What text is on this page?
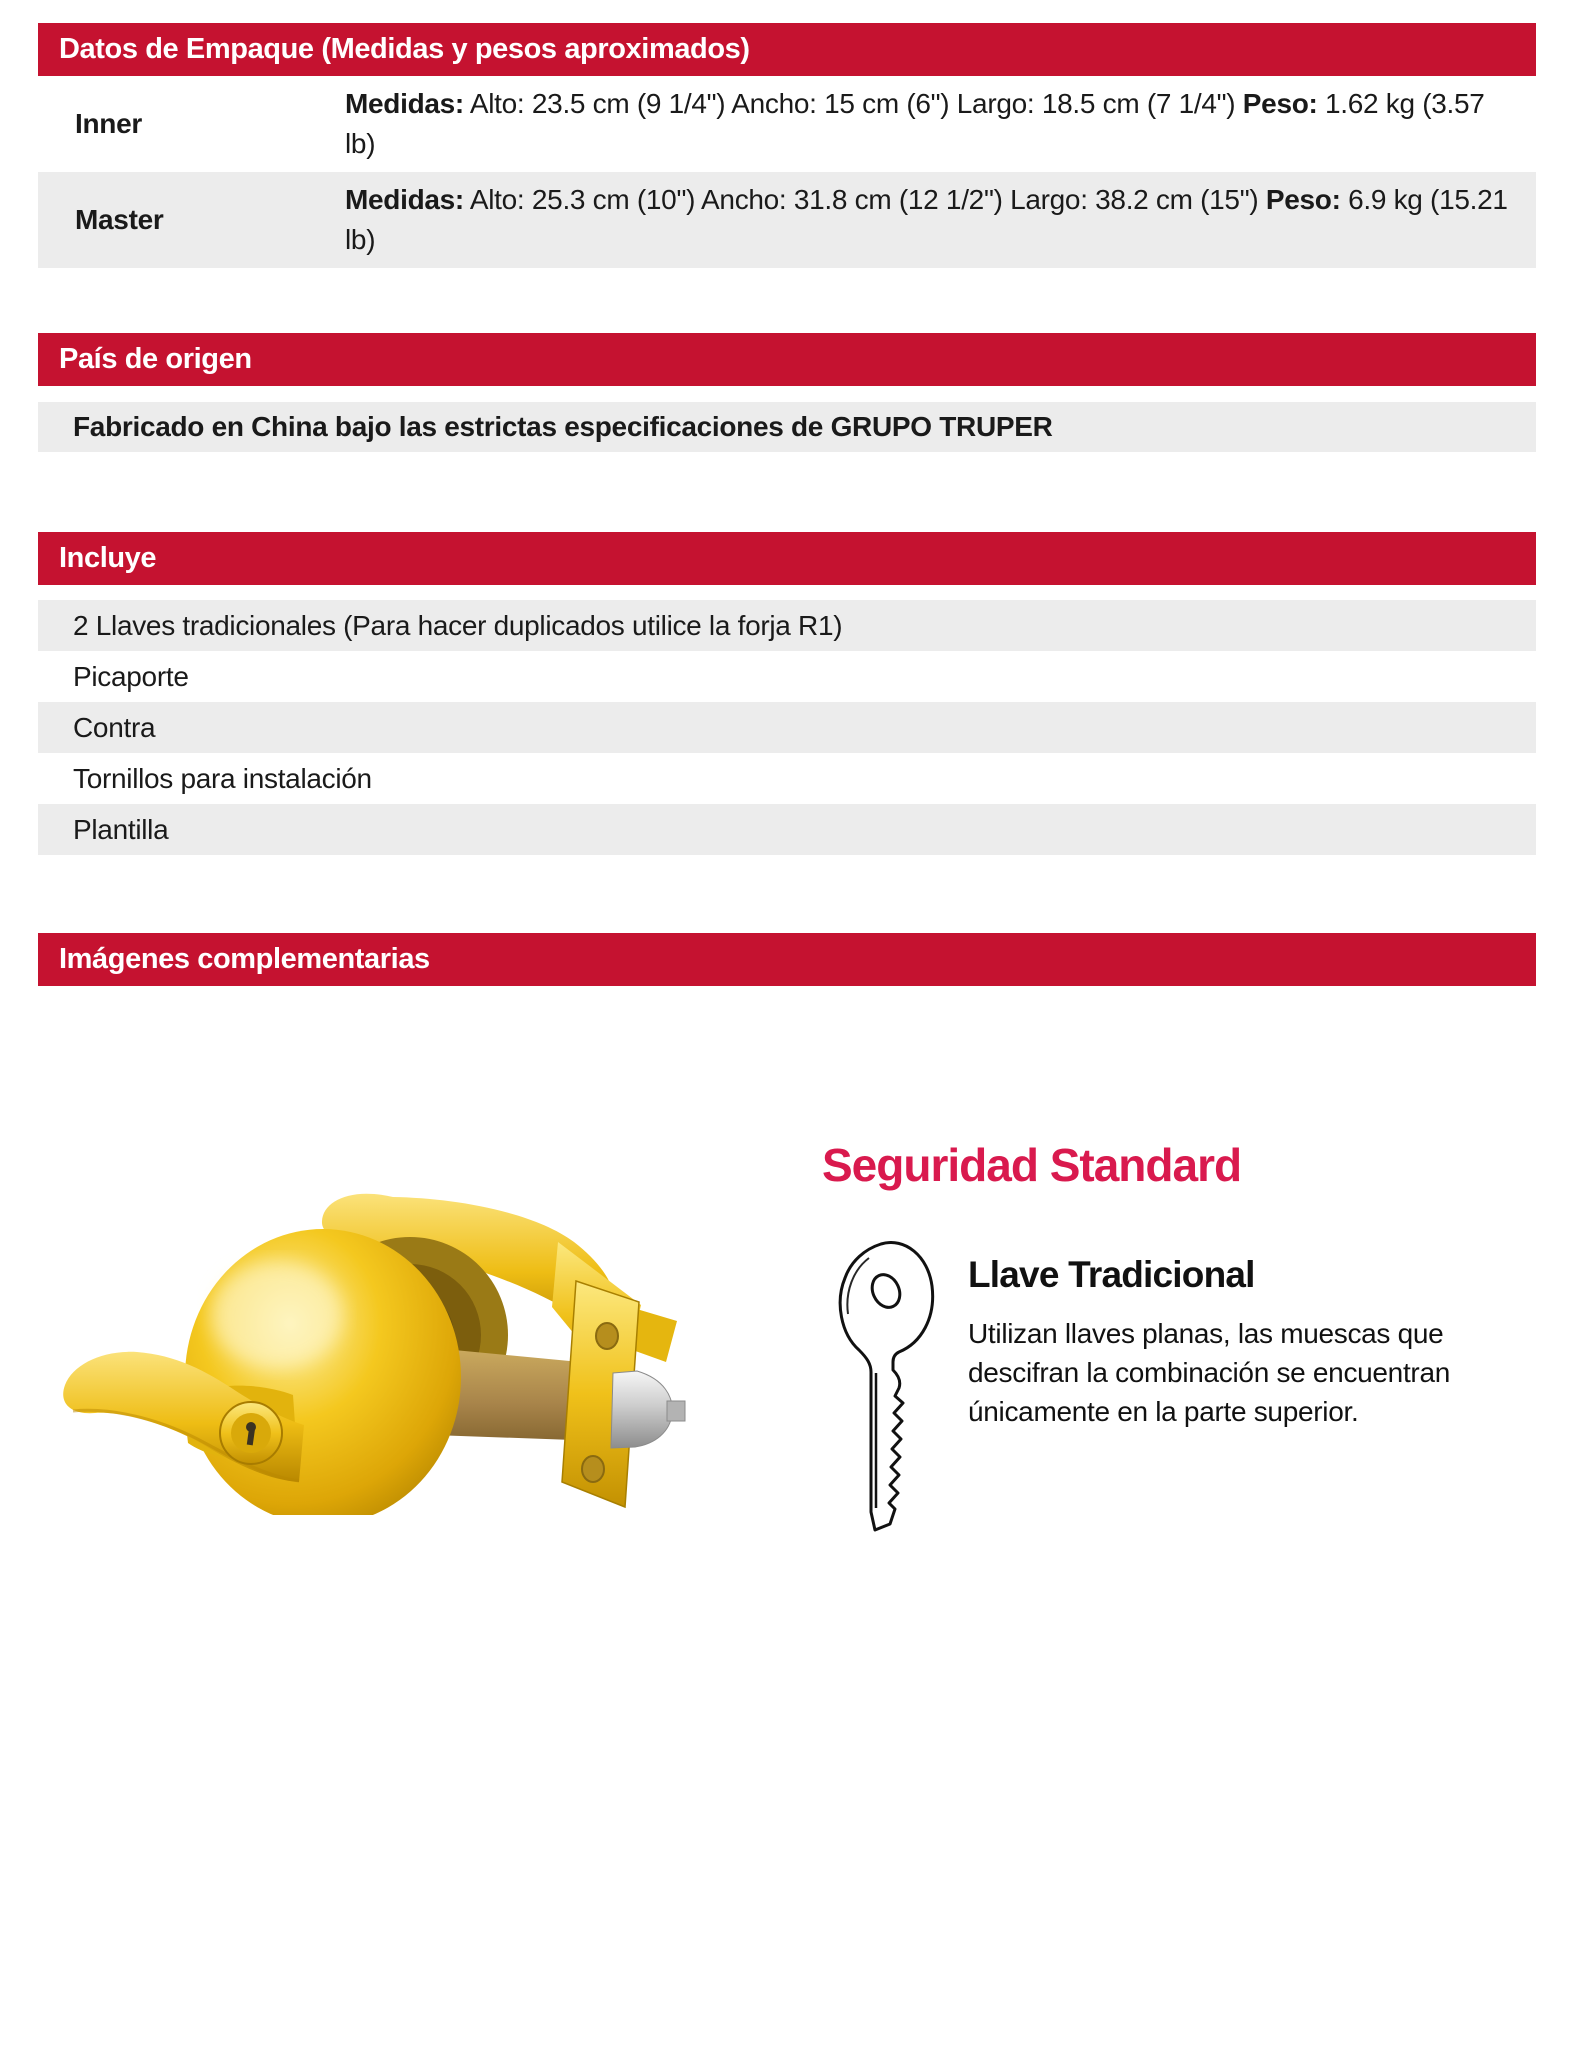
Datos de Empaque (Medidas y pesos aproximados)
Inner
Medidas: Alto: 23.5 cm (9 1/4") Ancho: 15 cm (6") Largo: 18.5 cm (7 1/4") Peso: 1.62 kg (3.57 lb)
Master
Medidas: Alto: 25.3 cm (10") Ancho: 31.8 cm (12 1/2") Largo: 38.2 cm (15") Peso: 6.9 kg (15.21 lb)
País de origen
Fabricado en China bajo las estrictas especificaciones de GRUPO TRUPER
Incluye
2 Llaves tradicionales (Para hacer duplicados utilice la forja R1)
Picaporte
Contra
Tornillos para instalación
Plantilla
Imágenes complementarias
Seguridad Standard
Llave Tradicional
Utilizan llaves planas, las muescas que descifran la combinación se encuentran únicamente en la parte superior.
